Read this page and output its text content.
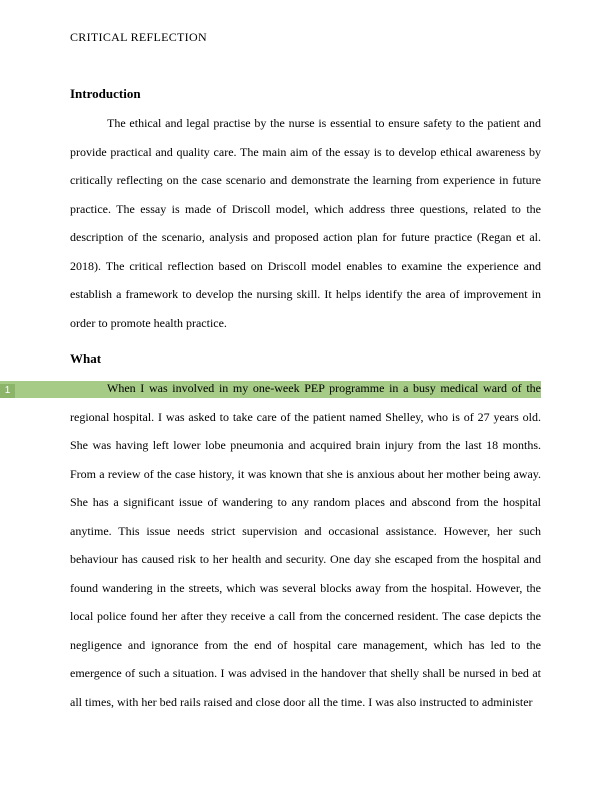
CRITICAL REFLECTION
Introduction

The ethical and legal practise by the nurse is essential to ensure safety to the patient and provide practical and quality care. The main aim of the essay is to develop ethical awareness by critically reflecting on the case scenario and demonstrate the learning from experience in future practice. The essay is made of Driscoll model, which address three questions, related to the description of the scenario, analysis and proposed action plan for future practice (Regan et al. 2018). The critical reflection based on Driscoll model enables to examine the experience and establish a framework to develop the nursing skill. It helps identify the area of improvement in order to promote health practice.

What

1	When I was involved in my one-week PEP programme in a busy medical ward of the regional hospital. I was asked to take care of the patient named Shelley, who is of 27 years old. She was having left lower lobe pneumonia and acquired brain injury from the last 18 months. From a review of the case history, it was known that she is anxious about her mother being away. She has a significant issue of wandering to any random places and abscond from the hospital anytime. This issue needs strict supervision and occasional assistance. However, her such behaviour has caused risk to her health and security. One day she escaped from the hospital and found wandering in the streets, which was several blocks away from the hospital. However, the local police found her after they receive a call from the concerned resident. The case depicts the negligence and ignorance from the end of hospital care management, which has led to the emergence of such a situation. I was advised in the handover that shelly shall be nursed in bed at all times, with her bed rails raised and close door all the time. I was also instructed to administer
